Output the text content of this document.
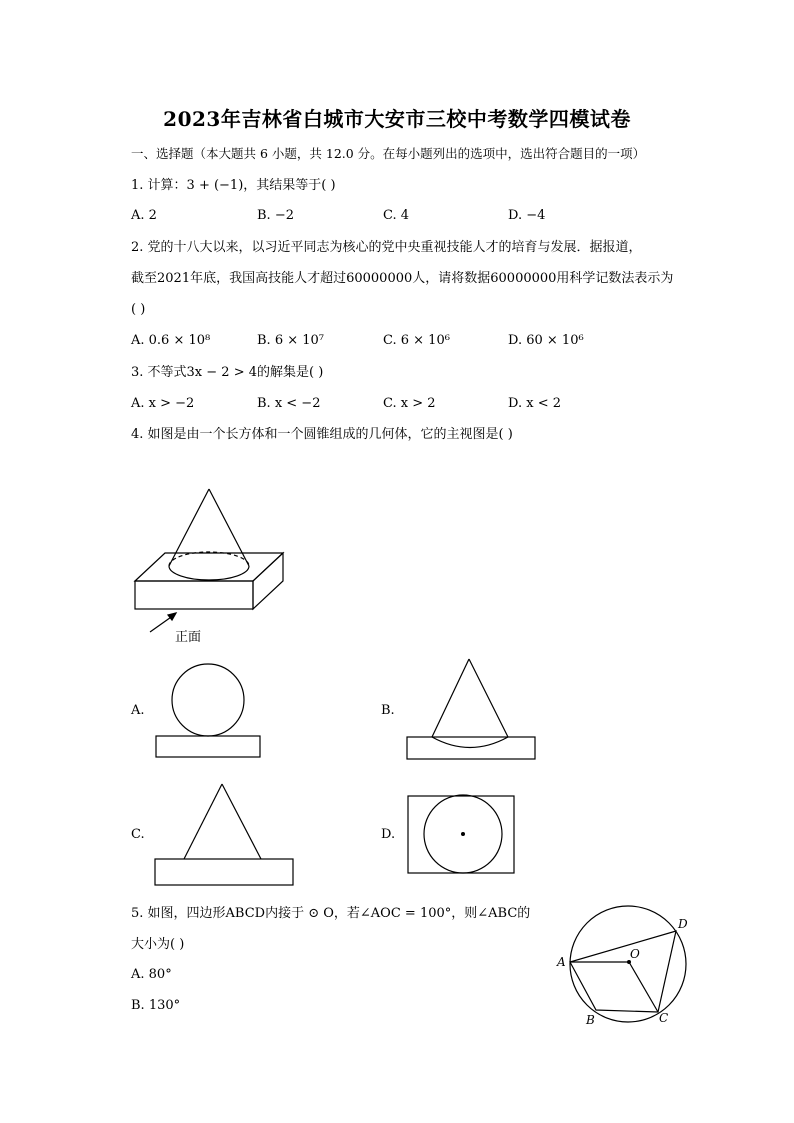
2023年吉林省白城市大安市三校中考数学四模试卷
一、选择题（本大题共 6 小题，共 12.0 分。在每小题列出的选项中，选出符合题目的一项）
1. 计算：3 + (−1)，其结果等于( )
A. 2	B. −2	C. 4	D. −4
2. 党的十八大以来，以习近平同志为核心的党中央重视技能人才的培育与发展．据报道，
截至2021年底，我国高技能人才超过60000000人，请将数据60000000用科学记数法表示为
( )
A. 0.6 × 10⁸	B. 6 × 10⁷	C. 6 × 10⁶	D. 60 × 10⁶
3. 不等式3x − 2 > 4的解集是( )
A. x > −2	B. x < −2	C. x > 2	D. x < 2
4. 如图是由一个长方体和一个圆锥组成的几何体，它的主视图是( )
正面
A.	B.
C.	D.
5. 如图，四边形ABCD内接于 ⊙ O，若∠AOC = 100°，则∠ABC的
大小为( )
A. 80°
B. 130°
A
B	C
D
O
